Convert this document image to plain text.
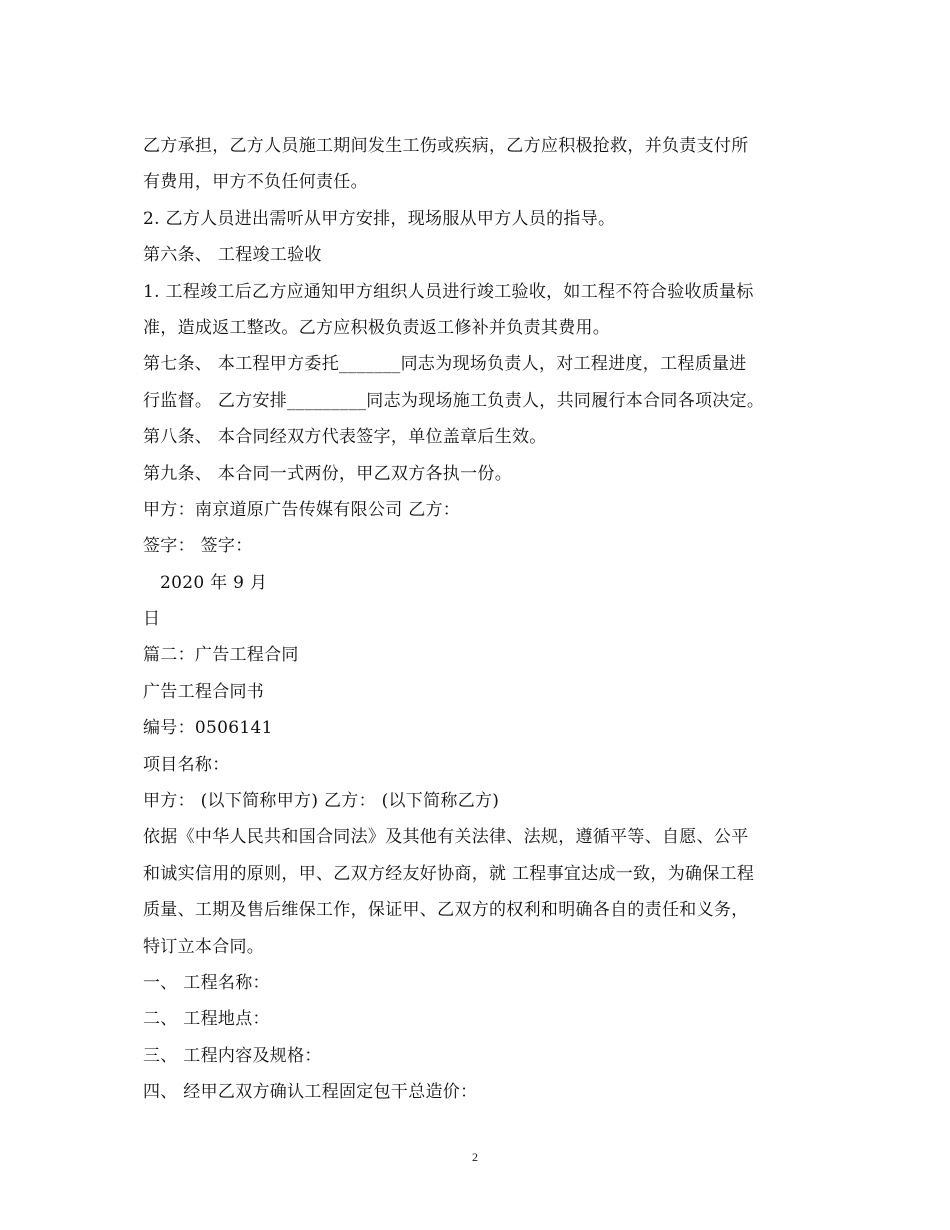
乙方承担，乙方人员施工期间发生工伤或疾病，乙方应积极抢救，并负责支付所
有费用，甲方不负任何责任。
2. 乙方人员进出需听从甲方安排，现场服从甲方人员的指导。
第六条、 工程竣工验收
1. 工程竣工后乙方应通知甲方组织人员进行竣工验收，如工程不符合验收质量标
准，造成返工整改。乙方应积极负责返工修补并负责其费用。
第七条、 本工程甲方委托_______同志为现场负责人，对工程进度，工程质量进
行监督。 乙方安排_________同志为现场施工负责人，共同履行本合同各项决定。
第八条、 本合同经双方代表签字，单位盖章后生效。
第九条、 本合同一式两份，甲乙双方各执一份。
甲方：南京道原广告传媒有限公司 乙方：
签字： 签字：
2020 年 9 月
日
篇二：广告工程合同
广告工程合同书
编号：0506141
项目名称：
甲方： (以下简称甲方) 乙方： (以下简称乙方)
依据《中华人民共和国合同法》及其他有关法律、法规，遵循平等、自愿、公平
和诚实信用的原则，甲、乙双方经友好协商，就 工程事宜达成一致，为确保工程
质量、工期及售后维保工作，保证甲、乙双方的权利和明确各自的责任和义务，
特订立本合同。
一、 工程名称：
二、 工程地点：
三、 工程内容及规格：
四、 经甲乙双方确认工程固定包干总造价：
2
